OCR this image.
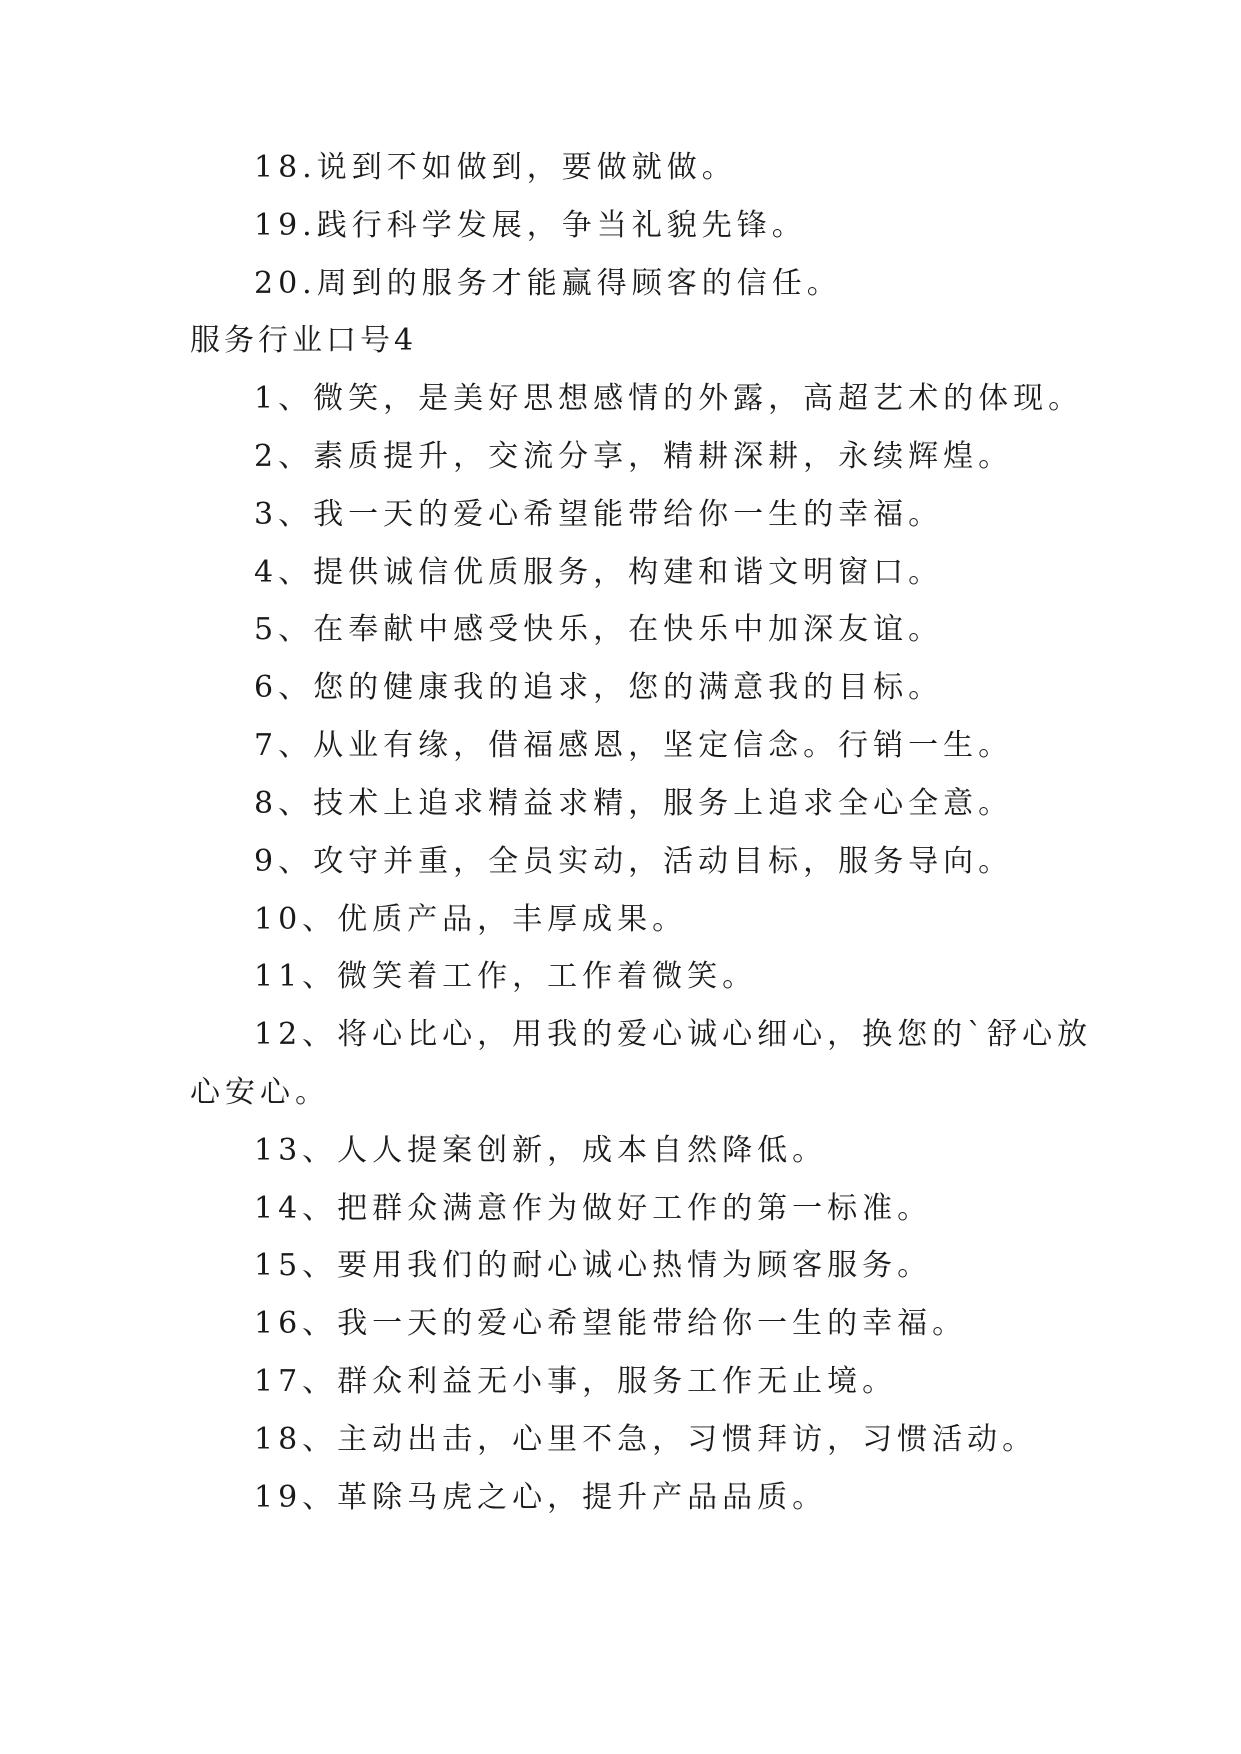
18.说到不如做到，要做就做。
19.践行科学发展，争当礼貌先锋。
20.周到的服务才能赢得顾客的信任。
服务行业口号4
1、微笑，是美好思想感情的外露，高超艺术的体现。
2、素质提升，交流分享，精耕深耕，永续辉煌。
3、我一天的爱心希望能带给你一生的幸福。
4、提供诚信优质服务，构建和谐文明窗口。
5、在奉献中感受快乐，在快乐中加深友谊。
6、您的健康我的追求，您的满意我的目标。
7、从业有缘，借福感恩，坚定信念。行销一生。
8、技术上追求精益求精，服务上追求全心全意。
9、攻守并重，全员实动，活动目标，服务导向。
10、优质产品，丰厚成果。
11、微笑着工作，工作着微笑。
12、将心比心，用我的爱心诚心细心，换您的`舒心放
心安心。
13、人人提案创新，成本自然降低。
14、把群众满意作为做好工作的第一标准。
15、要用我们的耐心诚心热情为顾客服务。
16、我一天的爱心希望能带给你一生的幸福。
17、群众利益无小事，服务工作无止境。
18、主动出击，心里不急，习惯拜访，习惯活动。
19、革除马虎之心，提升产品品质。
